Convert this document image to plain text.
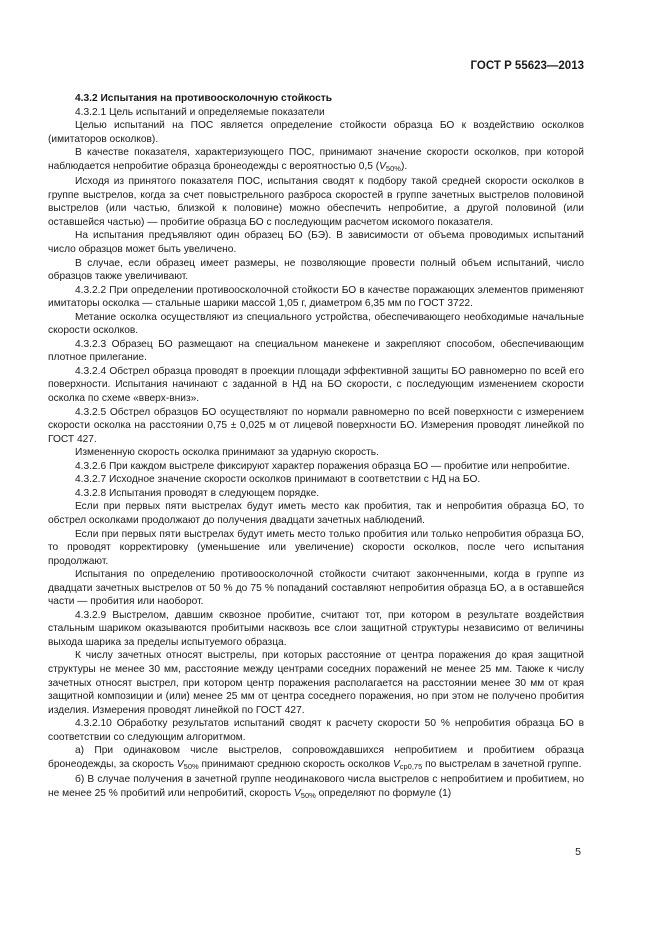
ГОСТ Р 55623—2013

4.3.2 Испытания на противоосколочную стойкость

4.3.2.1 Цель испытаний и определяемые показатели

Целью испытаний на ПОС является определение стойкости образца БО к воздействию осколков (имитаторов осколков).

В качестве показателя, характеризующего ПОС, принимают значение скорости осколков, при которой наблюдается непробитие образца бронеодежды с вероятностью 0,5 $(V_{50\%})$.

Исходя из принятого показателя ПОС, испытания сводят к подбору такой средней скорости осколков в группе выстрелов, когда за счет повыстрельного разброса скоростей в группе зачетных выстрелов половиной выстрелов (или частью, близкой к половине) можно обеспечить непробитие, а другой половиной (или оставшейся частью) — пробитие образца БО с последующим расчетом искомого показателя.

На испытания предъявляют один образец БО (БЭ). В зависимости от объема проводимых испытаний число образцов может быть увеличено.

В случае, если образец имеет размеры, не позволяющие провести полный объем испытаний, число образцов также увеличивают.

4.3.2.2 При определении противоосколочной стойкости БО в качестве поражающих элементов применяют имитаторы осколка — стальные шарики массой 1,05 г, диаметром 6,35 мм по ГОСТ 3722.

Метание осколка осуществляют из специального устройства, обеспечивающего необходимые начальные скорости осколков.

4.3.2.3 Образец БО размещают на специальном манекене и закрепляют способом, обеспечивающим плотное прилегание.

4.3.2.4 Обстрел образца проводят в проекции площади эффективной защиты БО равномерно по всей его поверхности. Испытания начинают с заданной в НД на БО скорости, с последующим изменением скорости осколка по схеме «вверх-вниз».

4.3.2.5 Обстрел образцов БО осуществляют по нормали равномерно по всей поверхности с измерением скорости осколка на расстоянии 0,75 ± 0,025 м от лицевой поверхности БО. Измерения проводят линейкой по ГОСТ 427.

Измененную скорость осколка принимают за ударную скорость.

4.3.2.6 При каждом выстреле фиксируют характер поражения образца БО — пробитие или непробитие.

4.3.2.7 Исходное значение скорости осколков принимают в соответствии с НД на БО.

4.3.2.8 Испытания проводят в следующем порядке.

Если при первых пяти выстрелах будут иметь место как пробития, так и непробития образца БО, то обстрел осколками продолжают до получения двадцати зачетных наблюдений.

Если при первых пяти выстрелах будут иметь место только пробития или только непробития образца БО, то проводят корректировку (уменьшение или увеличение) скорости осколков, после чего испытания продолжают.

Испытания по определению противоосколочной стойкости считают законченными, когда в группе из двадцати зачетных выстрелов от 50 % до 75 % попаданий составляют непробития образца БО, а в оставшейся части — пробития или наоборот.

4.3.2.9 Выстрелом, давшим сквозное пробитие, считают тот, при котором в результате воздействия стальным шариком оказываются пробитыми насквозь все слои защитной структуры независимо от величины выхода шарика за пределы испытуемого образца.

К числу зачетных относят выстрелы, при которых расстояние от центра поражения до края защитной структуры не менее 30 мм, расстояние между центрами соседних поражений не менее 25 мм. Также к числу зачетных относят выстрел, при котором центр поражения располагается на расстоянии менее 30 мм от края защитной композиции и (или) менее 25 мм от центра соседнего поражения, но при этом не получено пробития изделия. Измерения проводят линейкой по ГОСТ 427.

4.3.2.10 Обработку результатов испытаний сводят к расчету скорости 50 % непробития образца БО в соответствии со следующим алгоритмом.

а) При одинаковом числе выстрелов, сопровождавшихся непробитием и пробитием образца бронеодежды, за скорость $V_{50\%}$ принимают среднюю скорость осколков $V_{ср0,75}$ по выстрелам в зачетной группе.

б) В случае получения в зачетной группе неодинакового числа выстрелов с непробитием и пробитием, но не менее 25 % пробитий или непробитий, скорость $V_{50\%}$ определяют по формуле (1)

5
